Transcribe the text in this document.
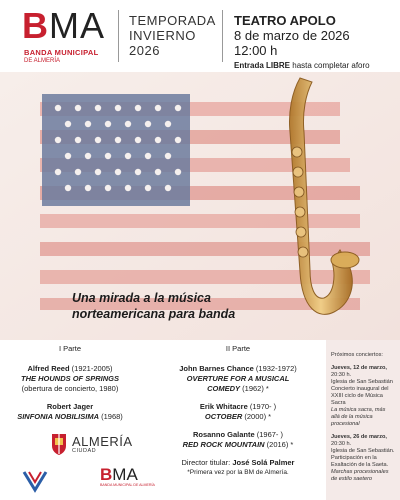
BMA
BANDA MUNICIPAL
DE ALMERÍA
TEMPORADA
INVIERNO
2026
TEATRO APOLO
8 de marzo de 2026
12:00 h
Entrada LIBRE hasta completar aforo
Una mirada a la música
norteamericana para banda
I Parte
Alfred Reed (1921-2005)
THE HOUNDS OF SPRINGS
(obertura de concierto, 1980)
Robert Jager
SINFONIA NOBILISIMA (1968)
II Parte
John Barnes Chance (1932-1972)
OVERTURE FOR A MUSICAL
COMEDY (1962) *
Erik Whitacre (1970- )
OCTOBER (2000) *
Rosanno Galante (1967- )
RED ROCK MOUNTAIN (2016) *
Director titular: José Solá Palmer
*Primera vez por la BM de Almería.
Próximos conciertos:
Jueves, 12 de marzo,
20:30 h.
Iglesia de San Sebastián
Concierto inaugural del XXIII ciclo de Música Sacra
La música sacra, más allá de la música procesional
Jueves, 26 de marzo,
20:30 h.
Iglesia de San Sebastián.
Participación en la Exaltación de la Saeta.
Marchas procesionales de estilo saetero
ALMERÍA
CIUDAD
BMA
BANDA MUNICIPAL DE ALMERÍA
